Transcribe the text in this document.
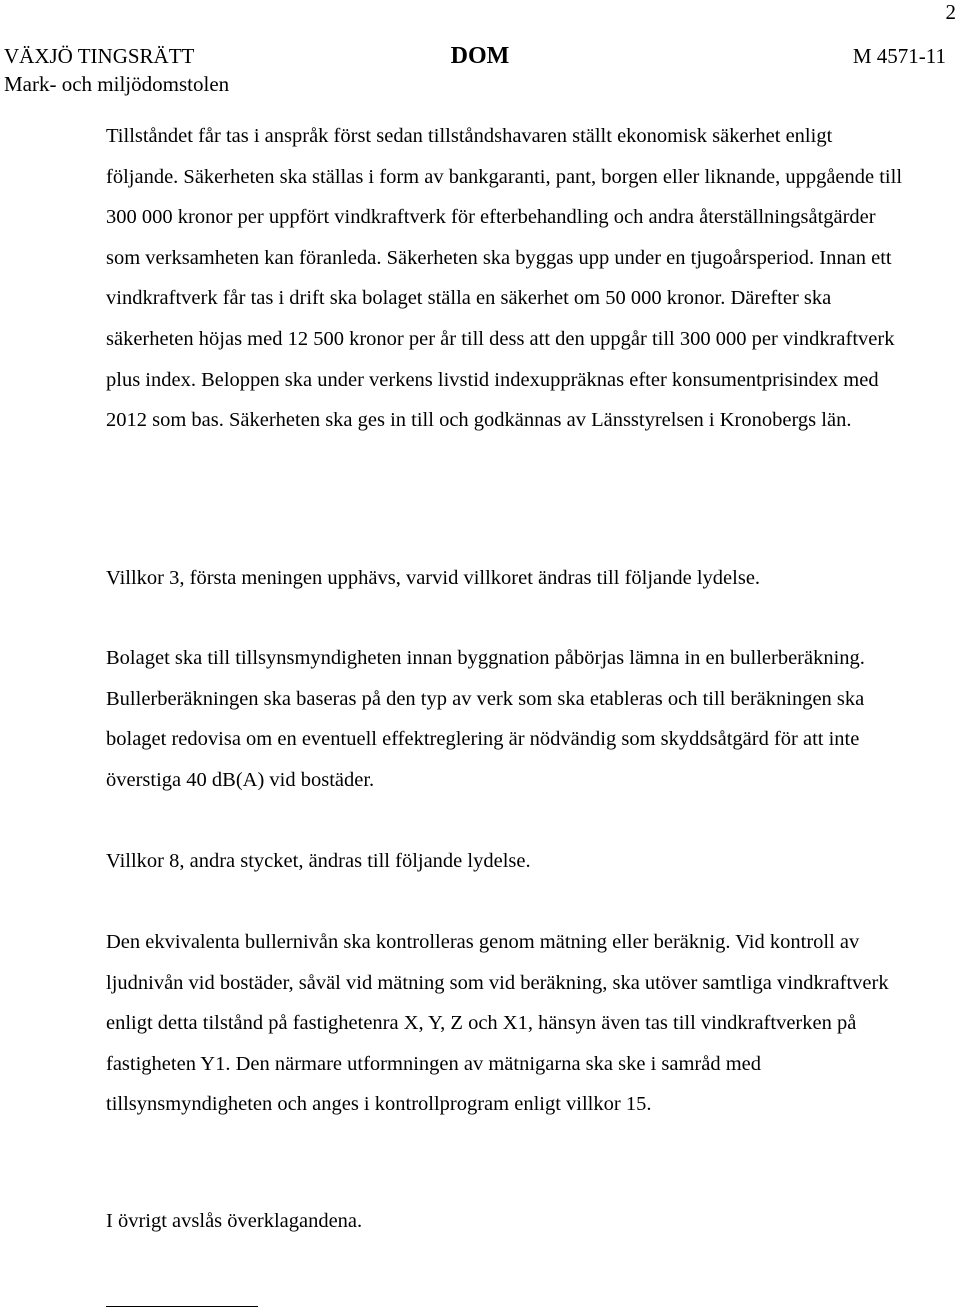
2
VÄXJÖ TINGSRÄTT
Mark- och miljödomstolen
DOM	M 4571-11

Tillståndet får tas i anspråk först sedan tillståndshavaren ställt ekonomisk säkerhet enligt följande. Säkerheten ska ställas i form av bankgaranti, pant, borgen eller liknande, uppgående till 300 000 kronor per uppfört vindkraftverk för efterbehandling och andra återställningsåtgärder som verksamheten kan föranleda. Säkerheten ska byggas upp under en tjugoårsperiod. Innan ett vindkraftverk får tas i drift ska bolaget ställa en säkerhet om 50 000 kronor. Därefter ska säkerheten höjas med 12 500 kronor per år till dess att den uppgår till 300 000 per vindkraftverk plus index. Beloppen ska under verkens livstid indexuppräknas efter konsumentprisindex med 2012 som bas. Säkerheten ska ges in till och godkännas av Länsstyrelsen i Kronobergs län.

Villkor 3, första meningen upphävs, varvid villkoret ändras till följande lydelse.

Bolaget ska till tillsynsmyndigheten innan byggnation påbörjas lämna in en bullerberäkning. Bullerberäkningen ska baseras på den typ av verk som ska etableras och till beräkningen ska bolaget redovisa om en eventuell effektreglering är nödvändig som skyddsåtgärd för att inte överstiga 40 dB(A) vid bostäder.

Villkor 8, andra stycket, ändras till följande lydelse.

Den ekvivalenta bullernivån ska kontrolleras genom mätning eller beräknig. Vid kontroll av ljudnivån vid bostäder, såväl vid mätning som vid beräkning, ska utöver samtliga vindkraftverk enligt detta tilstånd på fastighetenra X, Y, Z och X1, hänsyn även tas till vindkraftverken på fastigheten Y1. Den närmare utformningen av mätnigarna ska ske i samråd med tillsynsmyndigheten och anges i kontrollprogram enligt villkor 15.

I övrigt avslås överklagandena.
